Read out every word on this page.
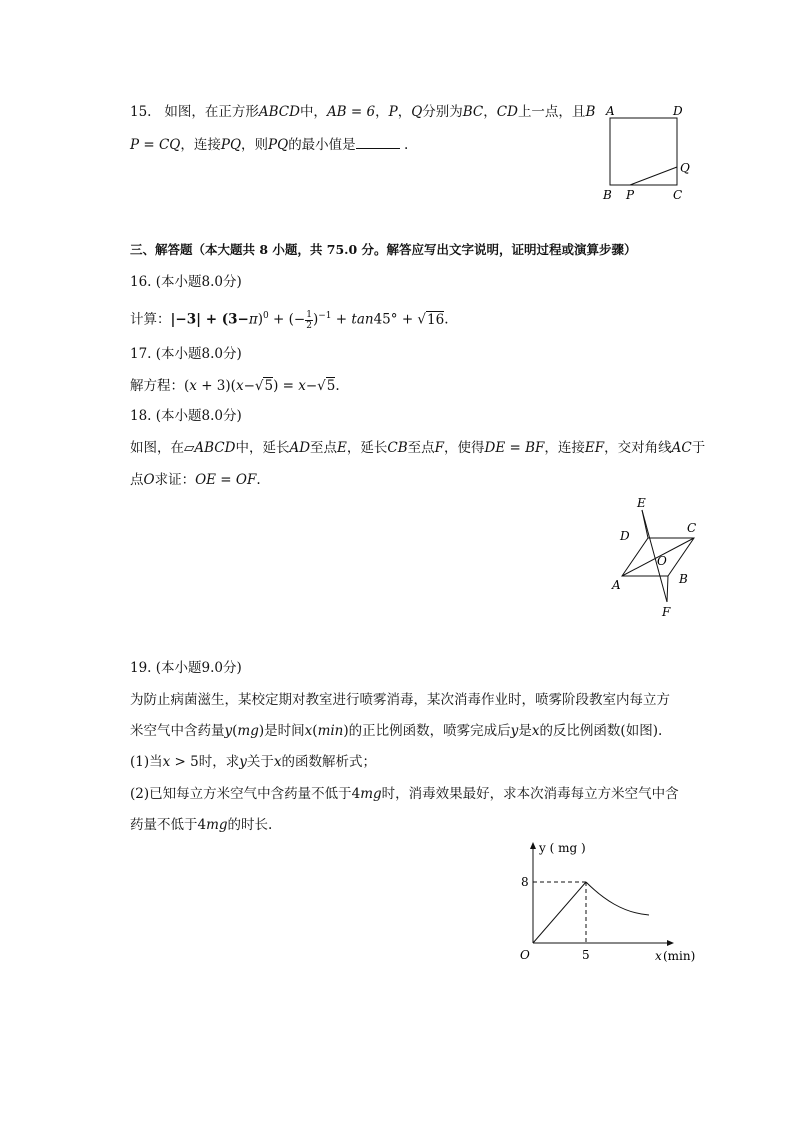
15. 如图，在正方形ABCD中，AB = 6，P，Q分别为BC，CD上一点，且B
P = CQ，连接PQ，则PQ的最小值是	.
A	D
B P	C
Q
三、解答题（本大题共 8 小题，共 75.0 分。解答应写出文字说明，证明过程或演算步骤）
16. (本小题8.0分)
计算：$|-3| + (3-\pi)^0$ + (− $\frac{1}{2} )^{-1} + \tan 45^\circ + √16$.
17. (本小题8.0分)
解方程：(x + 3)(x−√5) = x−√5.
18. (本小题8.0分)
如图，在▱ABCD中，延长AD至点E，延长CB至点F，使得DE = BF，连接EF，交对角线AC于
点O求证：OE = OF.
E
D
C
O
A	B
F
19. (本小题9.0分)
为防止病菌滋生，某校定期对教室进行喷雾消毒，某次消毒作业时，喷雾阶段教室内每立方
米空气中含药量y(mg)是时间x(min)的正比例函数，喷雾完成后y是x的反比例函数(如图).
(1)当x > 5时，求y关于x的函数解析式；
(2)已知每立方米空气中含药量不低于4mg时，消毒效果最好，求本次消毒每立方米空气中含
药量不低于4mg的时长.
y ( mg )
8
5
O	x (min)
